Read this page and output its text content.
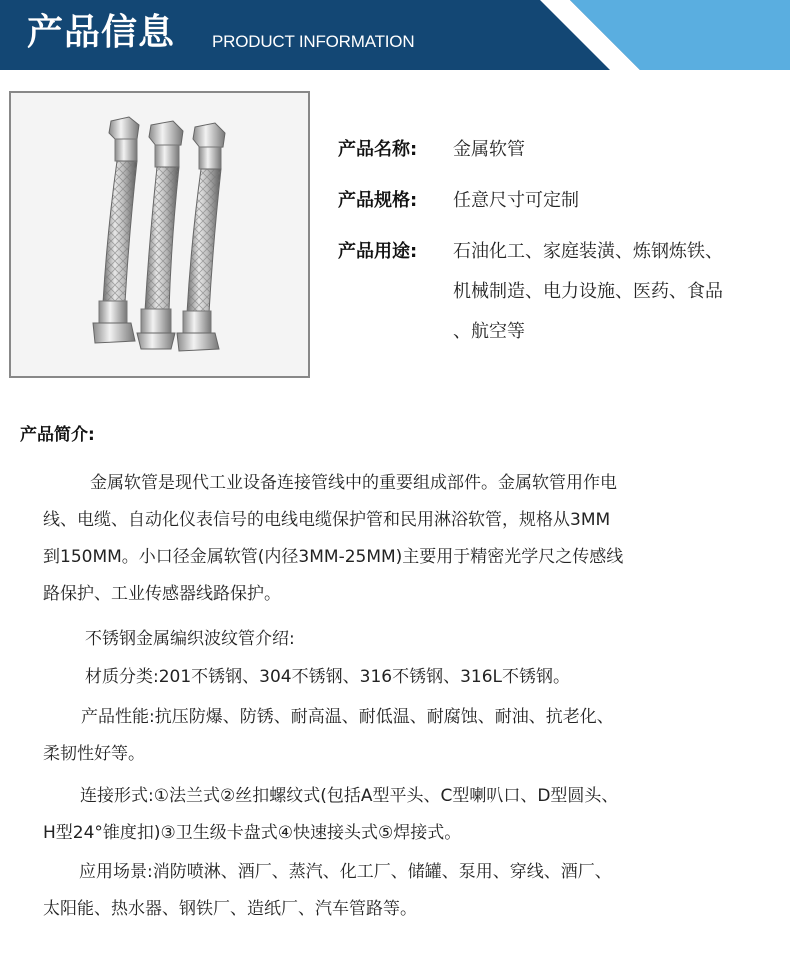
产品信息 PRODUCT INFORMATION
产品名称:	金属软管
产品规格:	任意尺寸可定制
产品用途:	石油化工、家庭装潢、炼钢炼铁、
机械制造、电力设施、医药、食品
、航空等
产品简介:
金属软管是现代工业设备连接管线中的重要组成部件。金属软管用作电
线、电缆、自动化仪表信号的电线电缆保护管和民用淋浴软管，规格从3MM
到150MM。小口径金属软管(内径3MM-25MM)主要用于精密光学尺之传感线
路保护、工业传感器线路保护。
不锈钢金属编织波纹管介绍:
材质分类:201不锈钢、304不锈钢、316不锈钢、316L不锈钢。
产品性能:抗压防爆、防锈、耐高温、耐低温、耐腐蚀、耐油、抗老化、
柔韧性好等。
连接形式:①法兰式②丝扣螺纹式(包括A型平头、C型喇叭口、D型圆头、
H型24°锥度扣)③卫生级卡盘式④快速接头式⑤焊接式。
应用场景:消防喷淋、酒厂、蒸汽、化工厂、储罐、泵用、穿线、酒厂、
太阳能、热水器、钢铁厂、造纸厂、汽车管路等。
